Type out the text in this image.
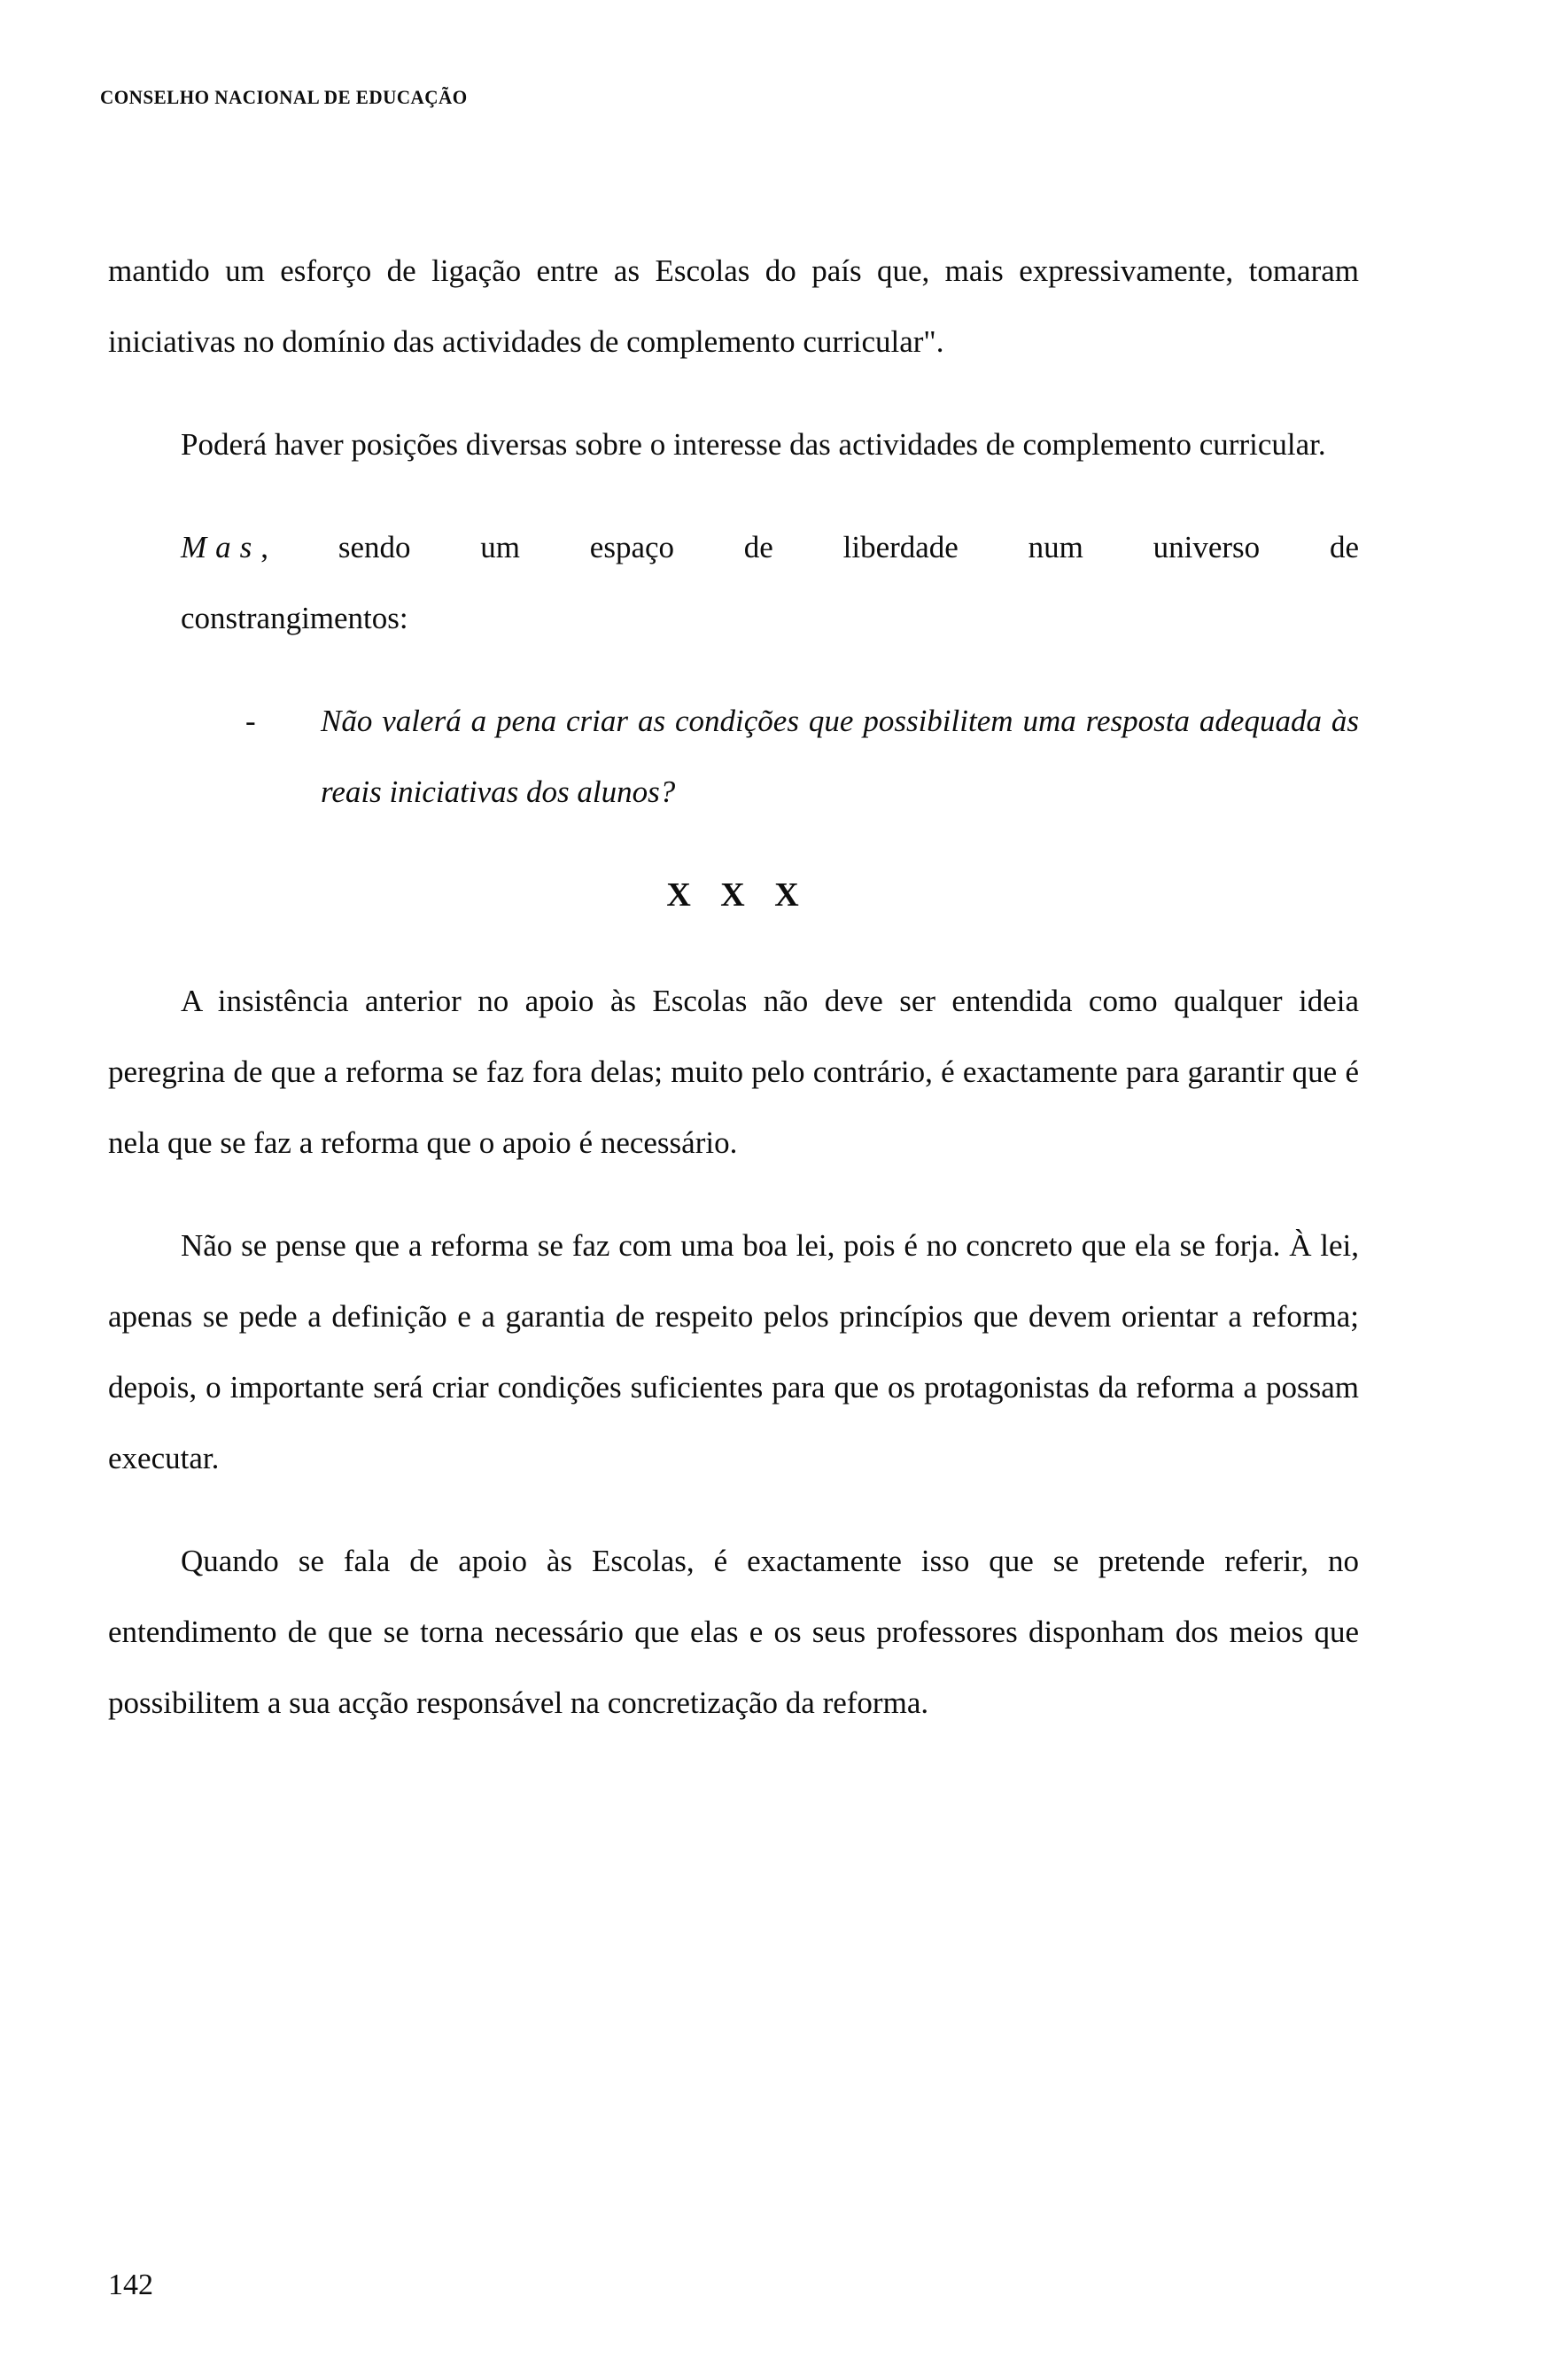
CONSELHO NACIONAL DE EDUCAÇÃO

mantido um esforço de ligação entre as Escolas do país que, mais expressivamente, tomaram iniciativas no domínio das actividades de complemento curricular".

Poderá haver posições diversas sobre o interesse das actividades de complemento curricular.

Mas, sendo um espaço de liberdade num universo de
constrangimentos:
-	Não valerá a pena criar as condições que possibilitem uma resposta adequada às reais iniciativas dos alunos?
X X X

A insistência anterior no apoio às Escolas não deve ser entendida como qualquer ideia peregrina de que a reforma se faz fora delas; muito pelo contrário, é exactamente para garantir que é nela que se faz a reforma que o apoio é necessário.

Não se pense que a reforma se faz com uma boa lei, pois é no concreto que ela se forja. À lei, apenas se pede a definição e a garantia de respeito pelos princípios que devem orientar a reforma; depois, o importante será criar condições suficientes para que os protagonistas da reforma a possam executar.

Quando se fala de apoio às Escolas, é exactamente isso que se pretende referir, no entendimento de que se torna necessário que elas e os seus professores disponham dos meios que possibilitem a sua acção responsável na concretização da reforma.

142
